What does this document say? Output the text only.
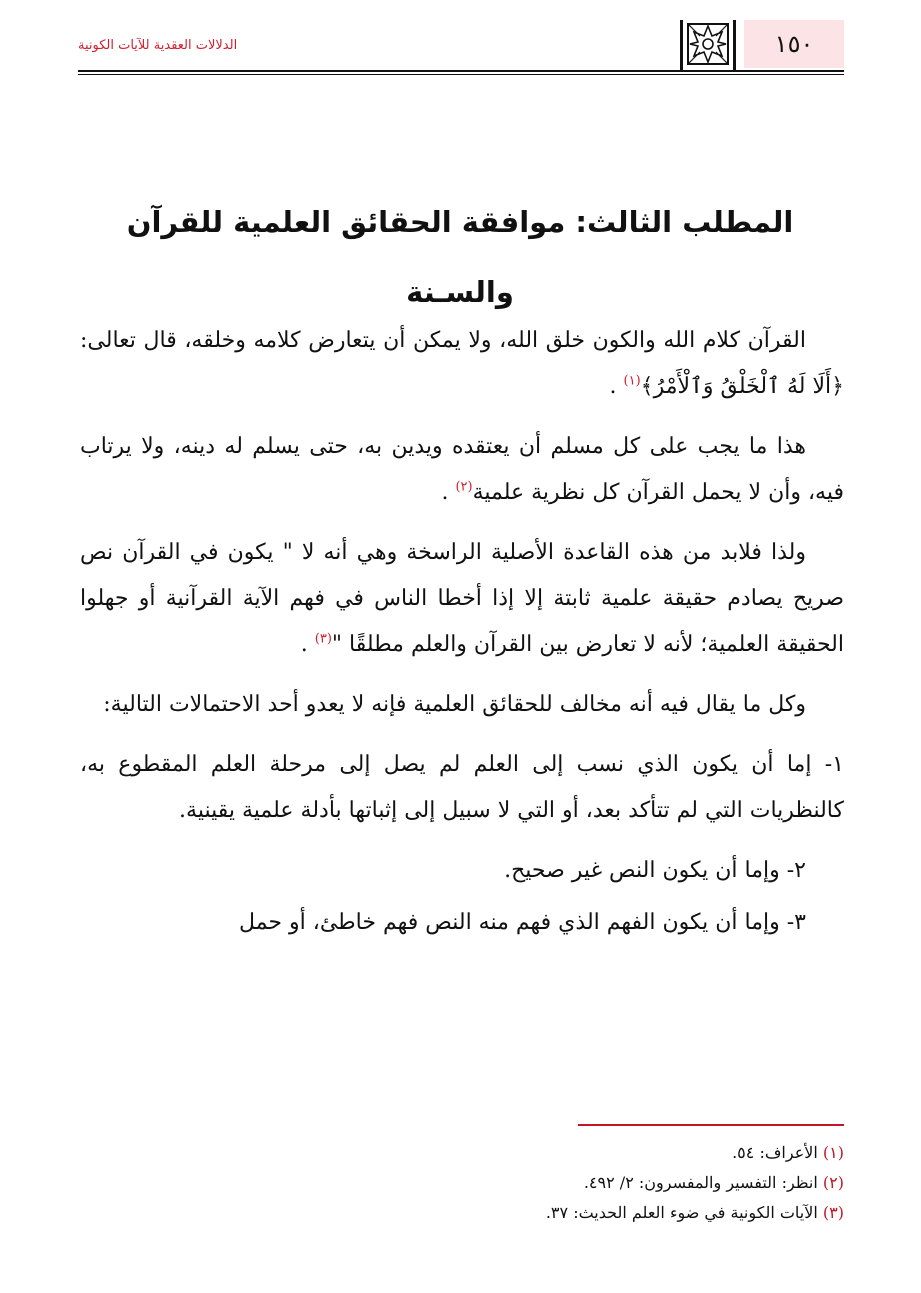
الدلالات العقدية للآيات الكونية	١٥٠
المطلب الثالث: موافقة الحقائق العلمية للقرآن والسـنة

القرآن كلام الله والكون خلق الله، ولا يمكن أن يتعارض كلامه وخلقه، قال تعالى: ﴿أَلَا لَهُ ٱلْخَلْقُ وَٱلْأَمْرُ﴾$^{(١)}$ .

هذا ما يجب على كل مسلم أن يعتقده ويدين به، حتى يسلم له دينه، ولا يرتاب فيه، وأن لا يحمل القرآن كل نظرية علمية$^{(٢)}$ .

ولذا فلابد من هذه القاعدة الأصلية الراسخة وهي أنه لا " يكون في القرآن نص صريح يصادم حقيقة علمية ثابتة إلا إذا أخطا الناس في فهم الآية القرآنية أو جهلوا الحقيقة العلمية؛ لأنه لا تعارض بين القرآن والعلم مطلقًا "$^{(٣)}$ .

وكل ما يقال فيه أنه مخالف للحقائق العلمية فإنه لا يعدو أحد الاحتمالات التالية:

١- إما أن يكون الذي نسب إلى العلم لم يصل إلى مرحلة العلم المقطوع به، كالنظريات التي لم تتأكد بعد، أو التي لا سبيل إلى إثباتها بأدلة علمية يقينية.

٢- وإما أن يكون النص غير صحيح.

٣- وإما أن يكون الفهم الذي فهم منه النص فهم خاطئ، أو حمل

(١) الأعراف: ٥٤.

(٢) انظر: التفسير والمفسرون: ٢/ ٤٩٢.

(٣) الآيات الكونية في ضوء العلم الحديث: ٣٧.
